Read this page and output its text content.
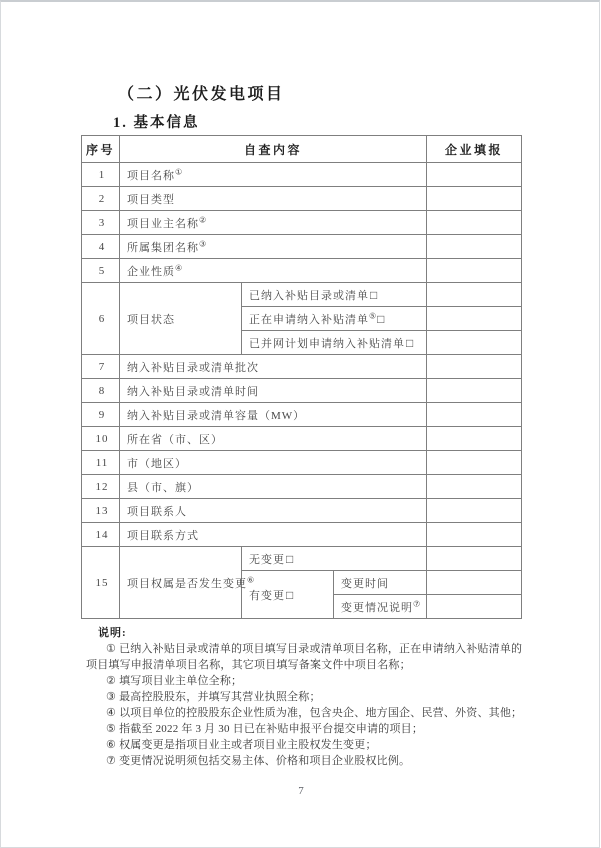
（二）光伏发电项目
1. 基本信息
序号	自查内容			企业填报
1	项目名称①	
2	项目类型			
3	项目业主名称②	
4	所属集团名称③	
5	企业性质④	
6	项目状态	已纳入补贴目录或清单□		
		正在申请纳入补贴清单⑤□		
		已并网计划申请纳入补贴清单□		
7	纳入补贴目录或清单批次			
8	纳入补贴目录或清单时间			
9	纳入补贴目录或清单容量（MW）			
10	所在省（市、区）			
11	市（地区）			
12	县（市、旗）			
13	项目联系人			
14	项目联系方式			
15	项目权属是否发生变更⑥	无变更□		
		有变更□	变更时间	
			变更情况说明⑦	
说明:
① 已纳入补贴目录或清单的项目填写目录或清单项目名称，正在申请纳入补贴清单的
项目填写申报清单项目名称，其它项目填写备案文件中项目名称；
② 填写项目业主单位全称；
③ 最高控股股东，并填写其营业执照全称；
④ 以项目单位的控股股东企业性质为准，包含央企、地方国企、民营、外资、其他；
⑤ 指截至 2022 年 3 月 30 日已在补贴申报平台提交申请的项目；
⑥ 权属变更是指项目业主或者项目业主股权发生变更；
⑦ 变更情况说明须包括交易主体、价格和项目企业股权比例。
7
